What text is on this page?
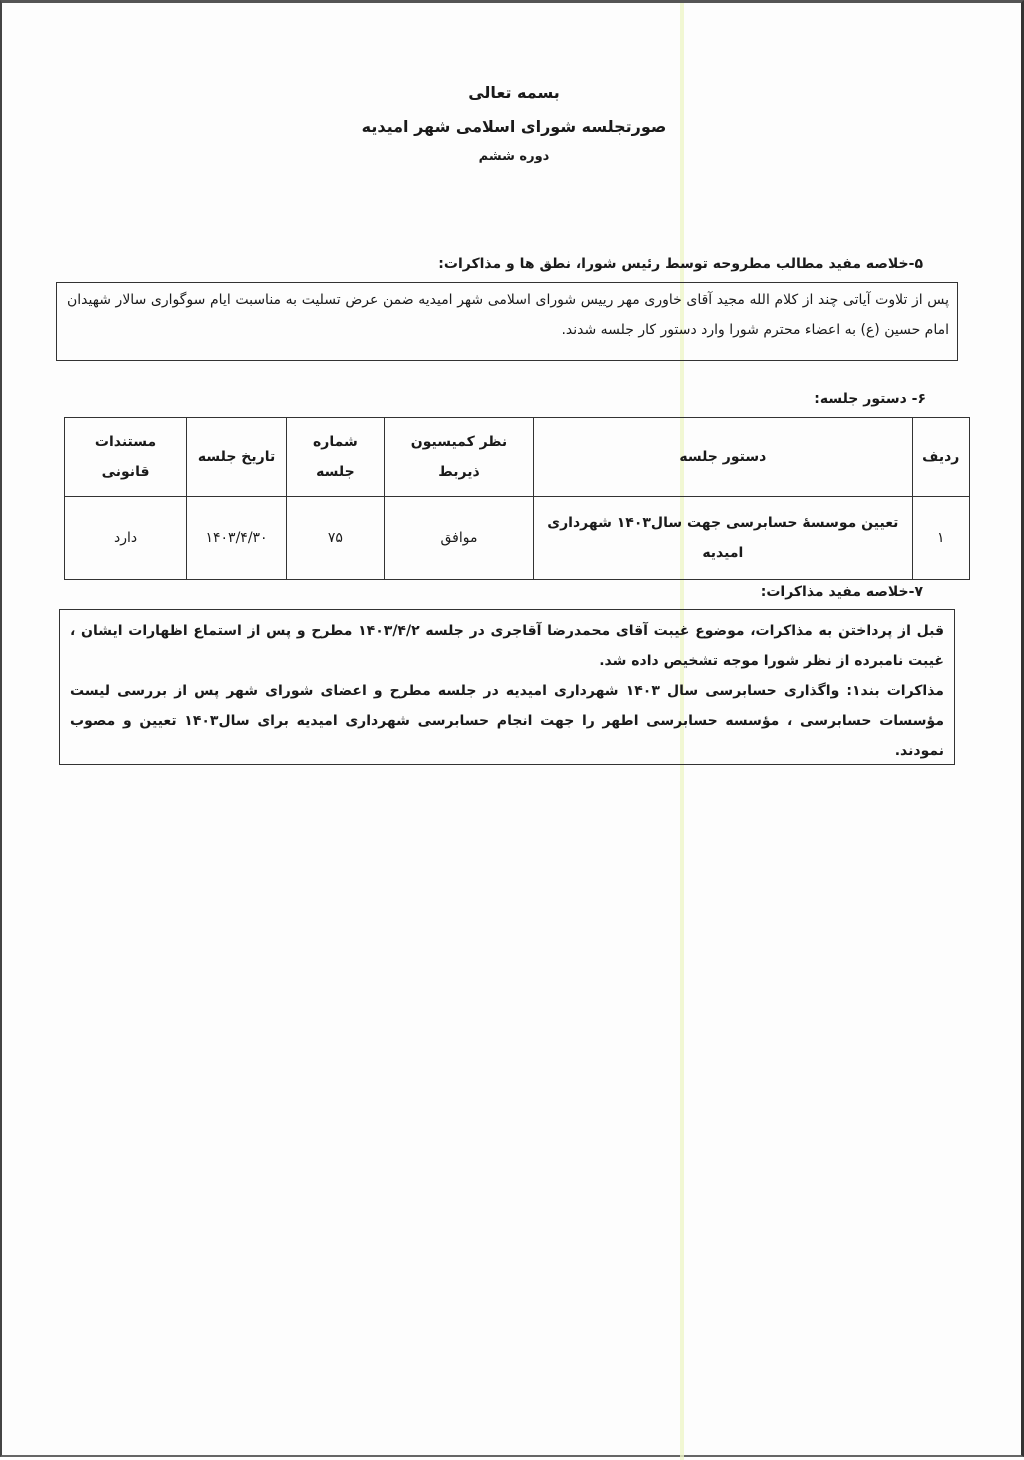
بسمه تعالی
صورتجلسه شورای اسلامی شهر امیدیه
دوره ششم
۵-خلاصه مفید مطالب مطروحه توسط رئیس شورا، نطق ها و مذاکرات:

پس از تلاوت آیاتی چند از کلام الله مجید آقای خاوری مهر رییس شورای اسلامی شهر امیدیه ضمن عرض تسلیت به مناسبت ایام سوگواری سالار شهیدان امام حسین (ع) به اعضاء محترم شورا وارد دستور کار جلسه شدند.

۶- دستور جلسه:
ردیف	دستور جلسه	نظر کمیسیون ذیربط	شماره جلسه	تاریخ جلسه	مستندات قانونی
۱	تعیین موسسهٔ حسابرسی جهت سال۱۴۰۳ شهرداری امیدیه	موافق	۷۵	۱۴۰۳/۴/۳۰	دارد
۷-خلاصه مفید مذاکرات:

قبل از پرداختن به مذاکرات، موضوع غیبت آقای محمدرضا آقاجری در جلسه ۱۴۰۳/۴/۲ مطرح و پس از استماع اظهارات ایشان ، غیبت نامبرده از نظر شورا موجه تشخیص داده شد.

مذاکرات بند۱: واگذاری حسابرسی سال ۱۴۰۳ شهرداری امیدیه در جلسه مطرح و اعضای شورای شهر پس از بررسی لیست مؤسسات حسابرسی ، مؤسسه حسابرسی اطهر را جهت انجام حسابرسی شهرداری امیدیه برای سال۱۴۰۳ تعیین و مصوب نمودند.
